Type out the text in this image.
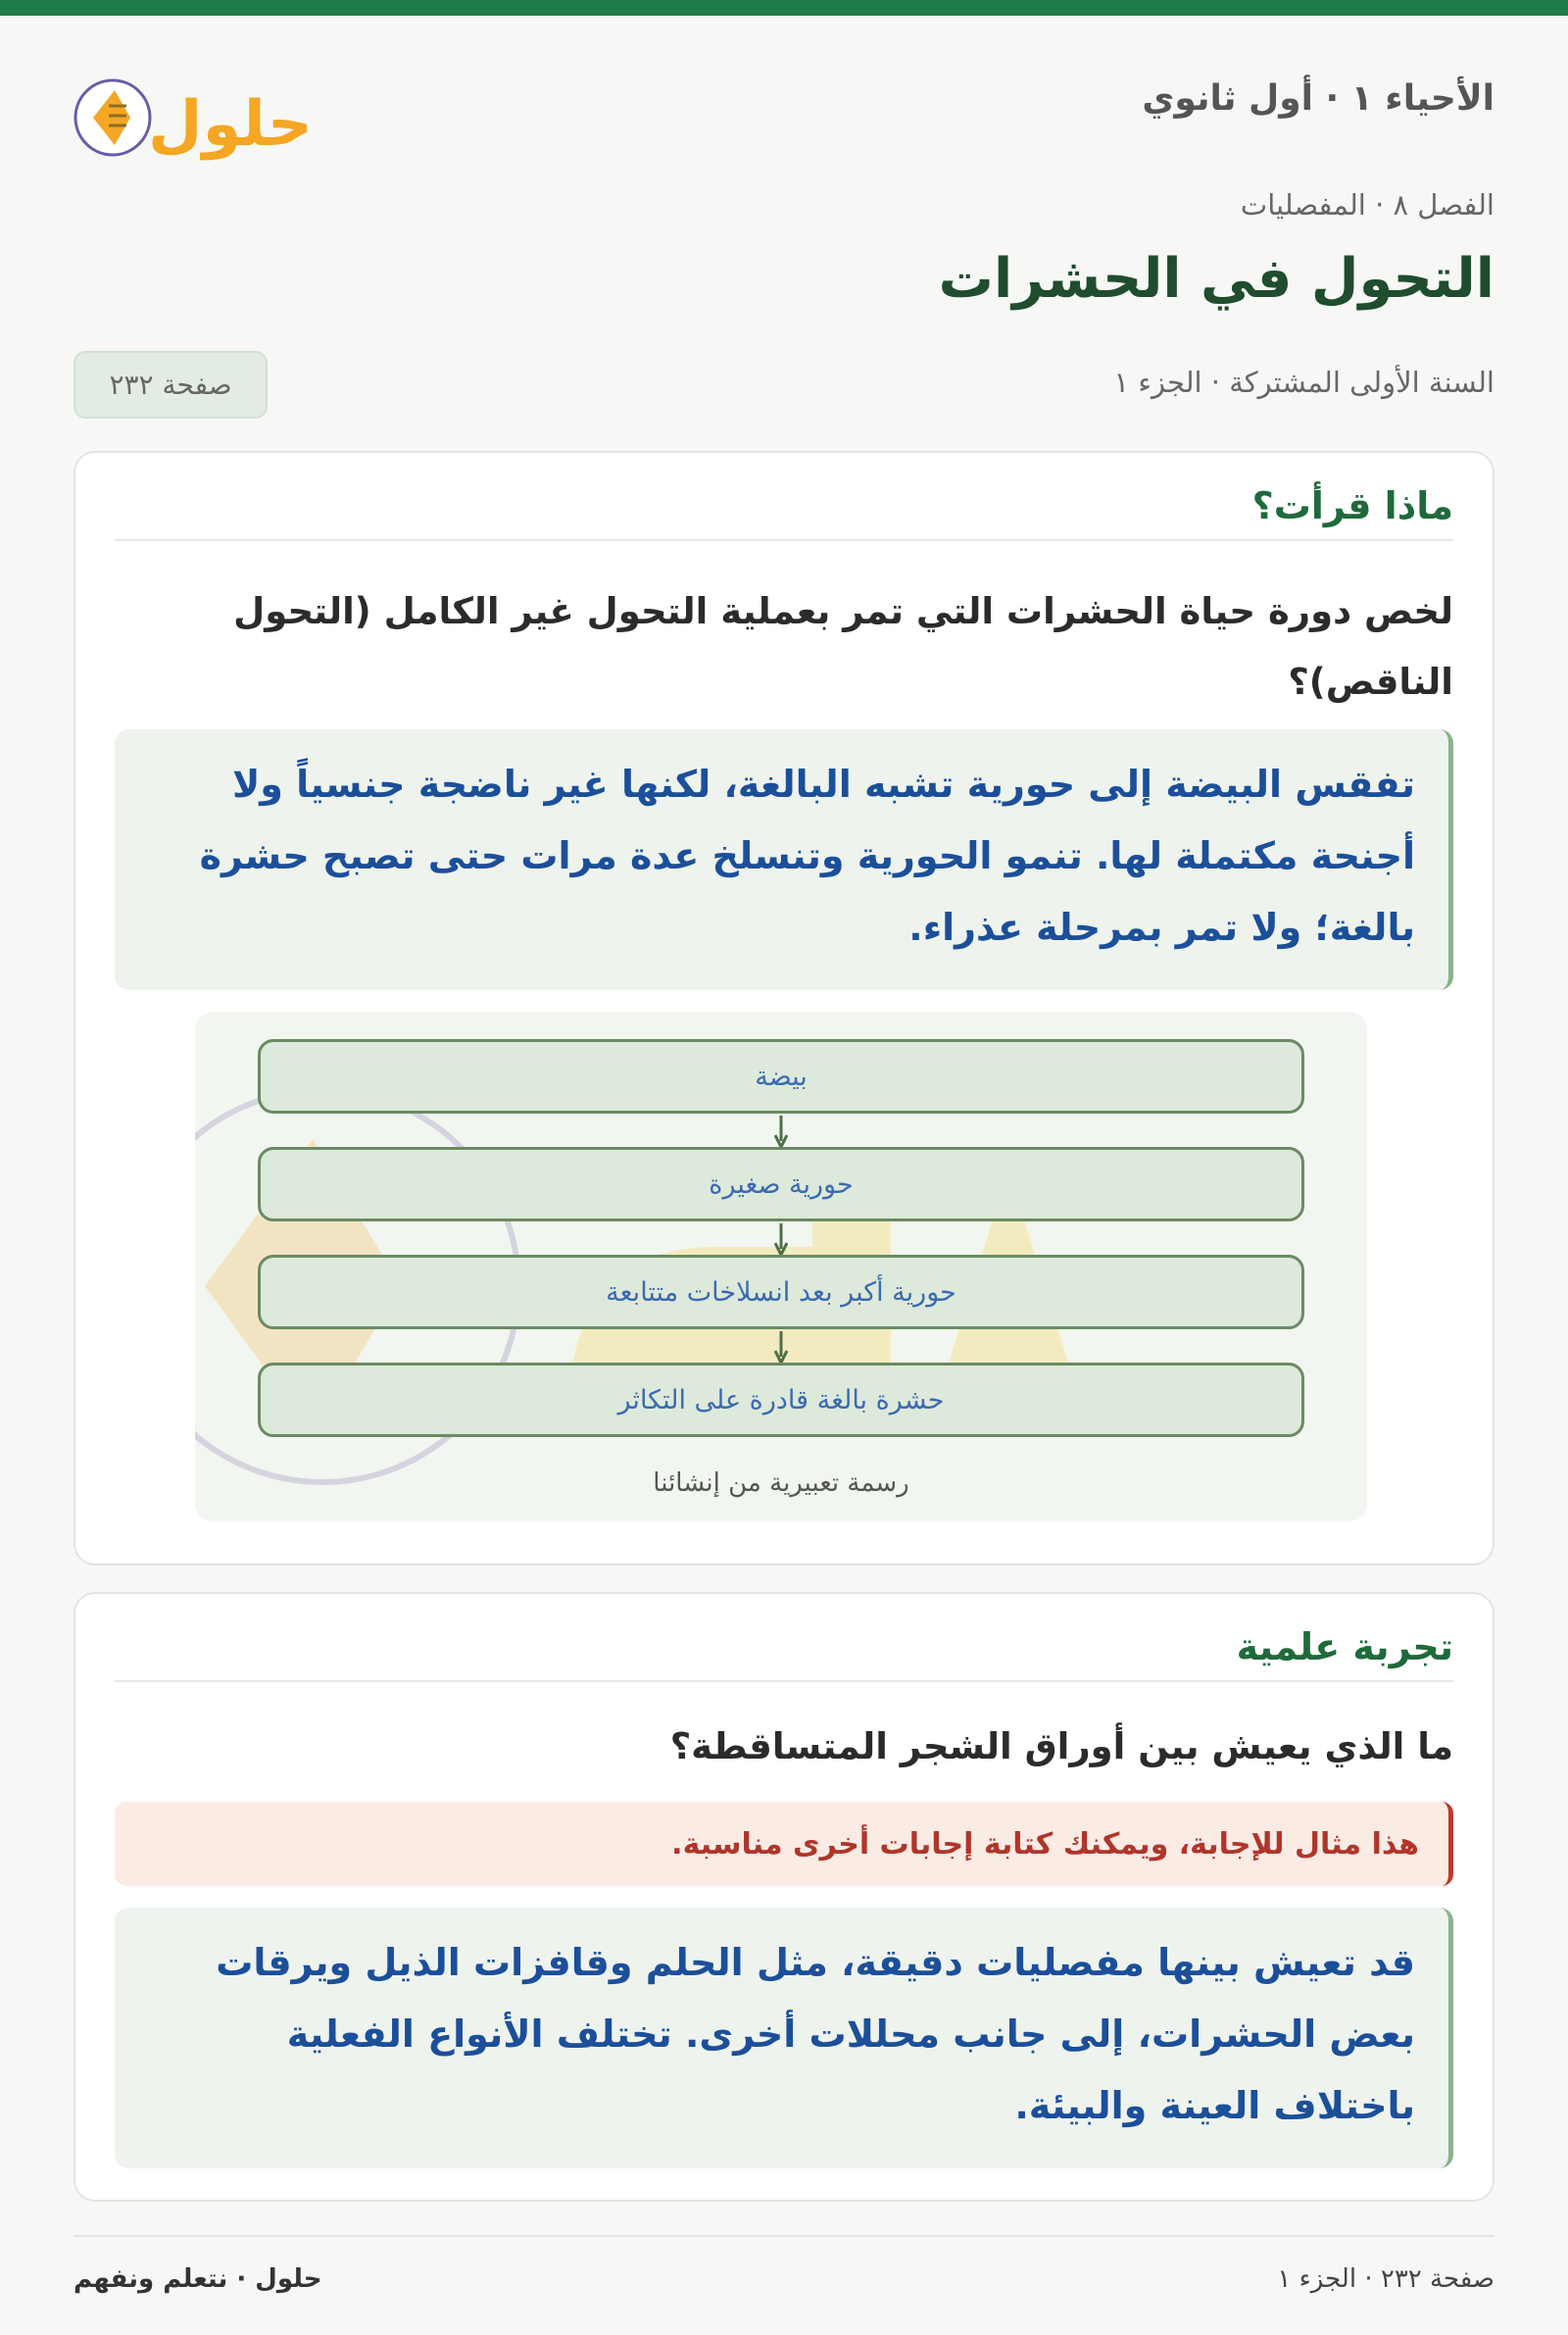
حلول	الأحياء ١ · أول ثانوي
الفصل ٨ · المفصليات
التحول في الحشرات
السنة الأولى المشتركة · الجزء ١
صفحة ٢٣٢
ماذا قرأت؟
لخص دورة حياة الحشرات التي تمر بعملية التحول غير الكامل (التحول الناقص)؟
تفقس البيضة إلى حورية تشبه البالغة، لكنها غير ناضجة جنسياً ولا أجنحة مكتملة لها. تنمو الحورية وتنسلخ عدة مرات حتى تصبح حشرة بالغة؛ ولا تمر بمرحلة عذراء.
بيضة
حورية صغيرة
حورية أكبر بعد انسلاخات متتابعة
حشرة بالغة قادرة على التكاثر
رسمة تعبيرية من إنشائنا
تجربة علمية
ما الذي يعيش بين أوراق الشجر المتساقطة؟
هذا مثال للإجابة، ويمكنك كتابة إجابات أخرى مناسبة.
قد تعيش بينها مفصليات دقيقة، مثل الحلم وقافزات الذيل ويرقات بعض الحشرات، إلى جانب محللات أخرى. تختلف الأنواع الفعلية باختلاف العينة والبيئة.
صفحة ٢٣٢ · الجزء ١
حلول · نتعلم ونفهم
